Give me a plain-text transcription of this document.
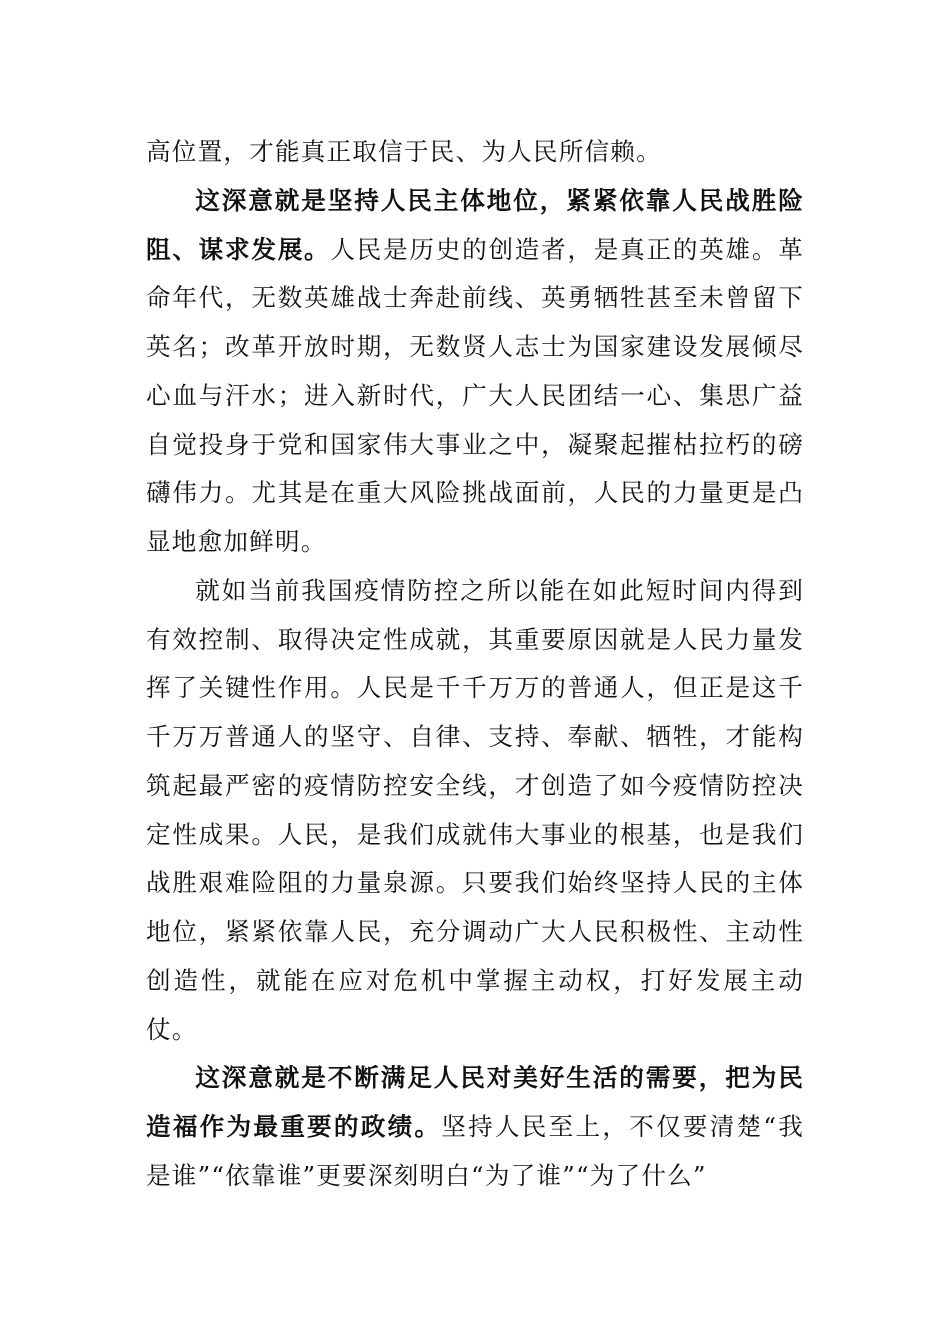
高位置，才能真正取信于民、为人民所信赖。

这深意就是坚持人民主体地位，紧紧依靠人民战胜险阻、谋求发展。人民是历史的创造者，是真正的英雄。革命年代，无数英雄战士奔赴前线、英勇牺牲甚至未曾留下英名；改革开放时期，无数贤人志士为国家建设发展倾尽心血与汗水；进入新时代，广大人民团结一心、集思广益自觉投身于党和国家伟大事业之中，凝聚起摧枯拉朽的磅礴伟力。尤其是在重大风险挑战面前，人民的力量更是凸显地愈加鲜明。

就如当前我国疫情防控之所以能在如此短时间内得到有效控制、取得决定性成就，其重要原因就是人民力量发挥了关键性作用。人民是千千万万的普通人，但正是这千千万万普通人的坚守、自律、支持、奉献、牺牲，才能构筑起最严密的疫情防控安全线，才创造了如今疫情防控决定性成果。人民，是我们成就伟大事业的根基，也是我们战胜艰难险阻的力量泉源。只要我们始终坚持人民的主体地位，紧紧依靠人民，充分调动广大人民积极性、主动性创造性，就能在应对危机中掌握主动权，打好发展主动仗。

这深意就是不断满足人民对美好生活的需要，把为民造福作为最重要的政绩。坚持人民至上，不仅要清楚“我是谁”“依靠谁”更要深刻明白“为了谁”“为了什么”
